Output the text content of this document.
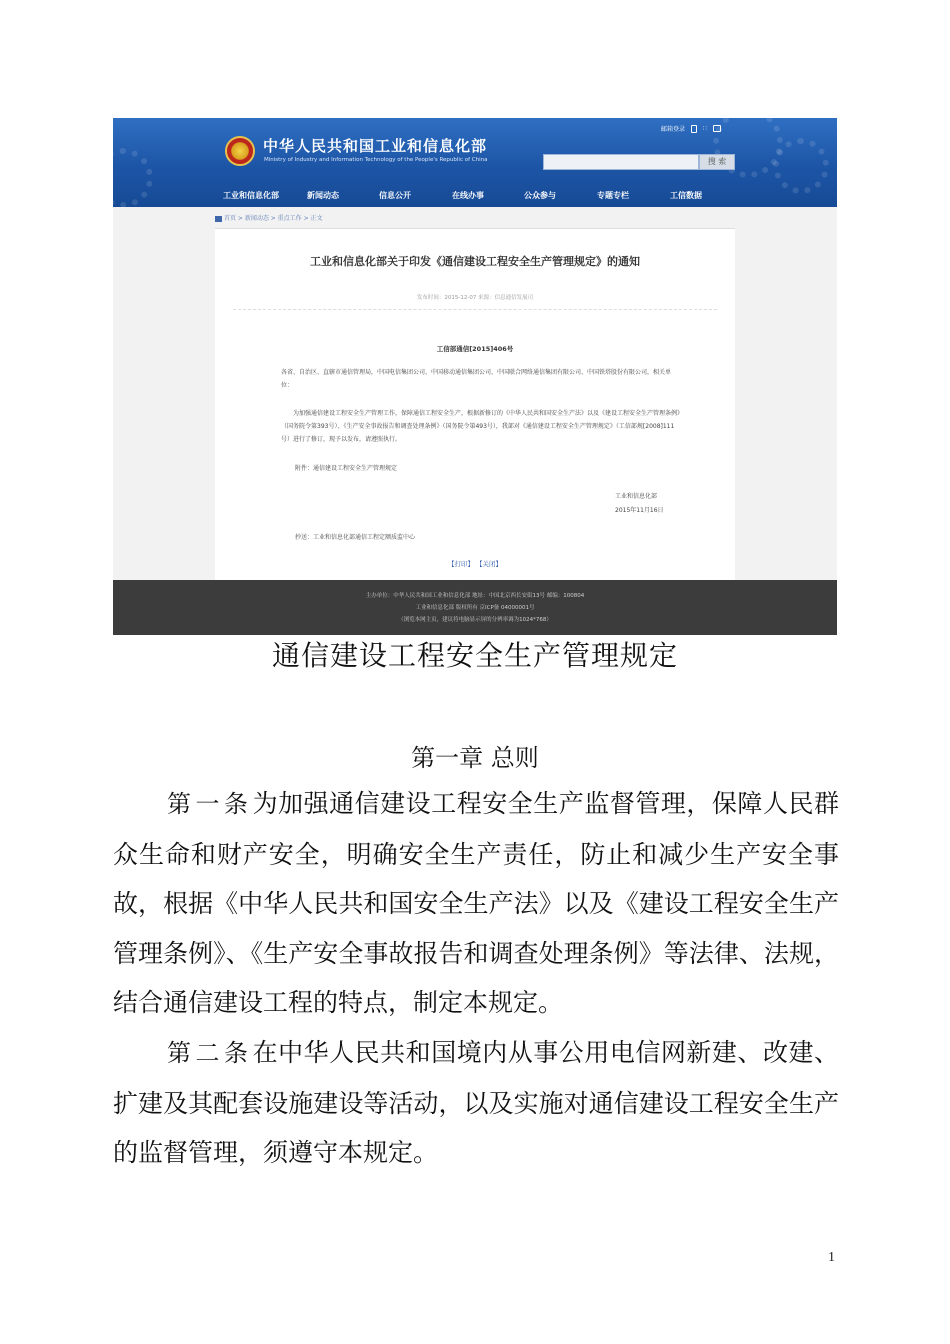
中华人民共和国工业和信息化部
Ministry of Industry and Information Technology of the People's Republic of China
邮箱登录	∷
搜 索
工业和信息化部	新闻动态	信息公开	在线办事	公众参与	专题专栏	工信数据
首页 > 新闻动态 > 重点工作 > 正文
工业和信息化部关于印发《通信建设工程安全生产管理规定》的通知
发布时间：2015-12-07 来源：信息通信发展司
工信部通信[2015]406号
各省、自治区、直辖市通信管理局，中国电信集团公司、中国移动通信集团公司、中国联合网络通信集团有限公司、中国铁塔股份有限公司，相关单位：
为加强通信建设工程安全生产管理工作，保障通信工程安全生产，根据新修订的《中华人民共和国安全生产法》以及《建设工程安全生产管理条例》（国务院令第393号）、《生产安全事故报告和调查处理条例》（国务院令第493号），我部对《通信建设工程安全生产管理规定》（工信部规[2008]111号）进行了修订，现予以发布，请遵照执行。
附件：通信建设工程安全生产管理规定
工业和信息化部
2015年11月16日
抄送：工业和信息化部通信工程定额质监中心
【打印】 【关闭】
主办单位：中华人民共和国工业和信息化部 地址：中国北京西长安街13号 邮编：100804
工业和信息化部 版权所有 京ICP备 04000001号
（浏览本网主页，建议将电脑显示屏的分辨率调为1024*768）
通信建设工程安全生产管理规定
第一章 总则

第一条为加强通信建设工程安全生产监督管理，保障人民群众生命和财产安全，明确安全生产责任，防止和减少生产安全事故，根据《中华人民共和国安全生产法》以及《建设工程安全生产管理条例》、《生产安全事故报告和调查处理条例》等法律、法规，结合通信建设工程的特点，制定本规定。

第二条在中华人民共和国境内从事公用电信网新建、改建、扩建及其配套设施建设等活动，以及实施对通信建设工程安全生产的监督管理，须遵守本规定。

1
